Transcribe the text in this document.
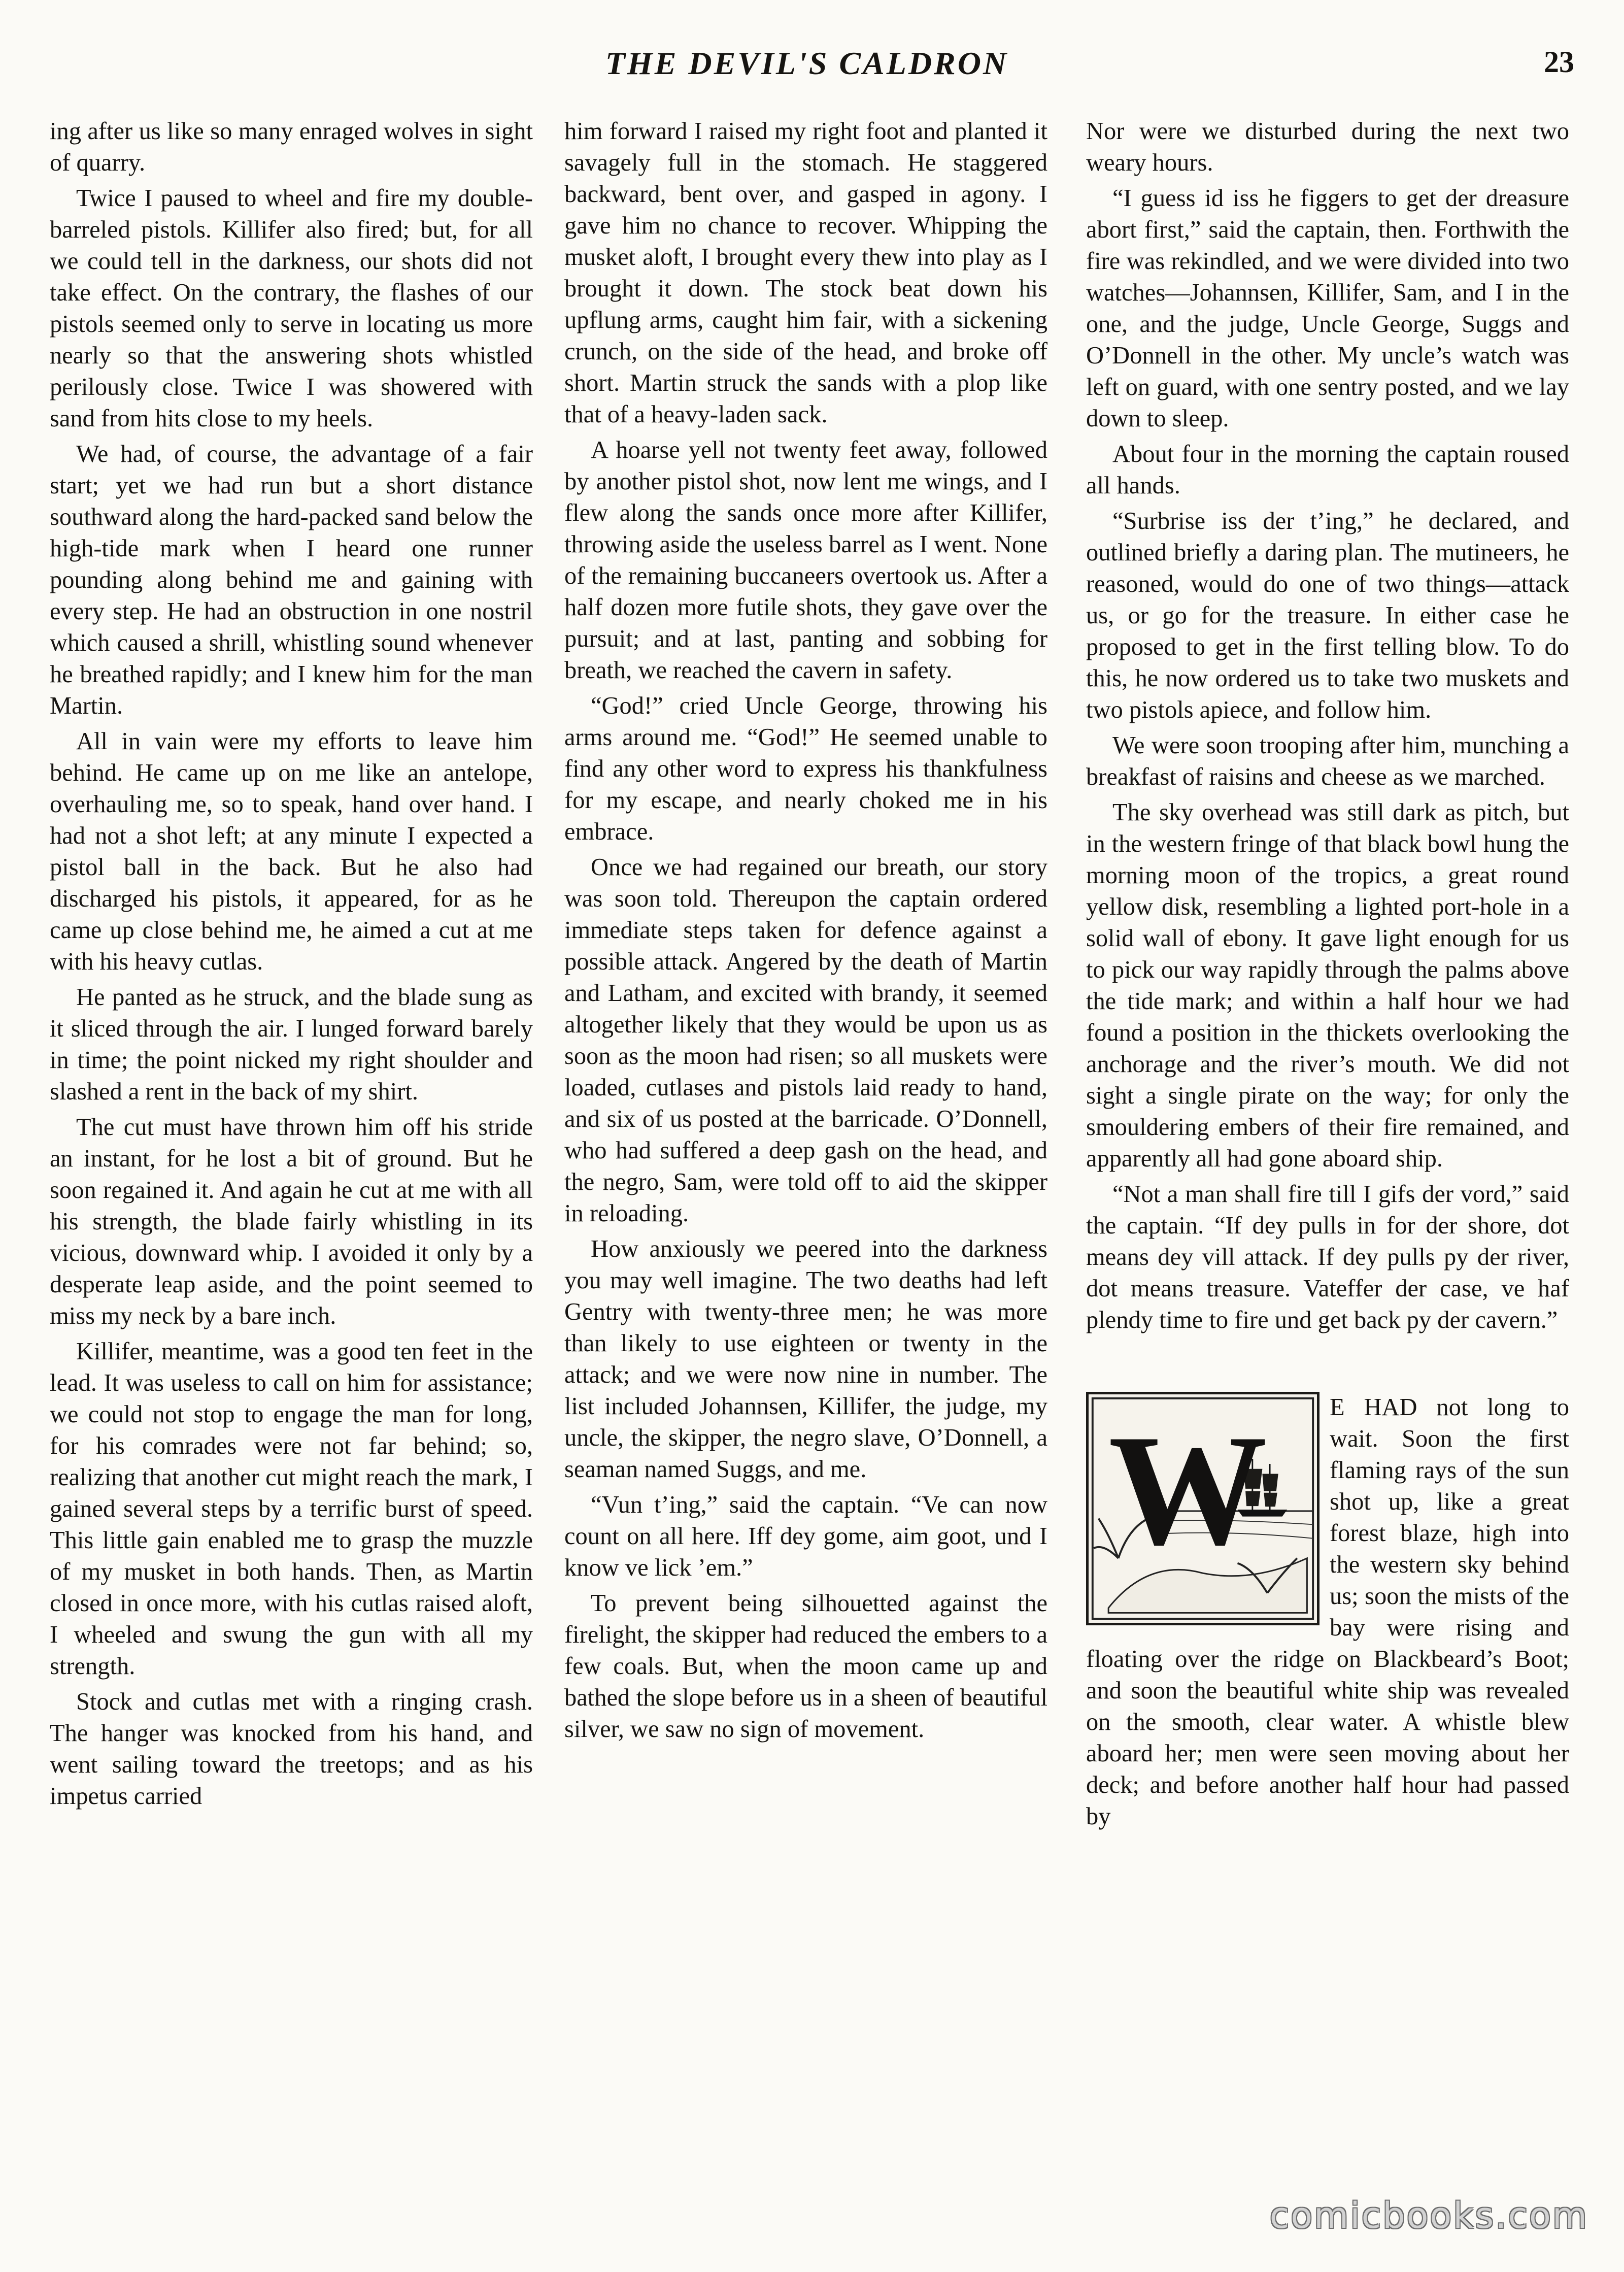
THE DEVIL'S CALDRON	23

ing after us like so many enraged wolves in sight of quarry.

Twice I paused to wheel and fire my double-barreled pistols. Killifer also fired; but, for all we could tell in the darkness, our shots did not take effect. On the contrary, the flashes of our pistols seemed only to serve in locating us more nearly so that the answering shots whistled perilously close. Twice I was showered with sand from hits close to my heels.

We had, of course, the advantage of a fair start; yet we had run but a short distance southward along the hard-packed sand below the high-tide mark when I heard one runner pounding along behind me and gaining with every step. He had an obstruction in one nostril which caused a shrill, whistling sound whenever he breathed rapidly; and I knew him for the man Martin.

All in vain were my efforts to leave him behind. He came up on me like an antelope, overhauling me, so to speak, hand over hand. I had not a shot left; at any minute I expected a pistol ball in the back. But he also had discharged his pistols, it appeared, for as he came up close behind me, he aimed a cut at me with his heavy cutlas.

He panted as he struck, and the blade sung as it sliced through the air. I lunged forward barely in time; the point nicked my right shoulder and slashed a rent in the back of my shirt.

The cut must have thrown him off his stride an instant, for he lost a bit of ground. But he soon regained it. And again he cut at me with all his strength, the blade fairly whistling in its vicious, downward whip. I avoided it only by a desperate leap aside, and the point seemed to miss my neck by a bare inch.

Killifer, meantime, was a good ten feet in the lead. It was useless to call on him for assistance; we could not stop to engage the man for long, for his comrades were not far behind; so, realizing that another cut might reach the mark, I gained several steps by a terrific burst of speed. This little gain enabled me to grasp the muzzle of my musket in both hands. Then, as Martin closed in once more, with his cutlas raised aloft, I wheeled and swung the gun with all my strength.

Stock and cutlas met with a ringing crash. The hanger was knocked from his hand, and went sailing toward the treetops; and as his impetus carried

him forward I raised my right foot and planted it savagely full in the stomach. He staggered backward, bent over, and gasped in agony. I gave him no chance to recover. Whipping the musket aloft, I brought every thew into play as I brought it down. The stock beat down his upflung arms, caught him fair, with a sickening crunch, on the side of the head, and broke off short. Martin struck the sands with a plop like that of a heavy-laden sack.

A hoarse yell not twenty feet away, followed by another pistol shot, now lent me wings, and I flew along the sands once more after Killifer, throwing aside the useless barrel as I went. None of the remaining buccaneers overtook us. After a half dozen more futile shots, they gave over the pursuit; and at last, panting and sobbing for breath, we reached the cavern in safety.

“God!” cried Uncle George, throwing his arms around me. “God!” He seemed unable to find any other word to express his thankfulness for my escape, and nearly choked me in his embrace.

Once we had regained our breath, our story was soon told. Thereupon the captain ordered immediate steps taken for defence against a possible attack. Angered by the death of Martin and Latham, and excited with brandy, it seemed altogether likely that they would be upon us as soon as the moon had risen; so all muskets were loaded, cutlases and pistols laid ready to hand, and six of us posted at the barricade. O’Donnell, who had suffered a deep gash on the head, and the negro, Sam, were told off to aid the skipper in reloading.

How anxiously we peered into the darkness you may well imagine. The two deaths had left Gentry with twenty-three men; he was more than likely to use eighteen or twenty in the attack; and we were now nine in number. The list included Johannsen, Killifer, the judge, my uncle, the skipper, the negro slave, O’Donnell, a seaman named Suggs, and me.

“Vun t’ing,” said the captain. “Ve can now count on all here. Iff dey gome, aim goot, und I know ve lick ’em.”

To prevent being silhouetted against the firelight, the skipper had reduced the embers to a few coals. But, when the moon came up and bathed the slope before us in a sheen of beautiful silver, we saw no sign of movement.

Nor were we disturbed during the next two weary hours.

“I guess id iss he figgers to get der dreasure abort first,” said the captain, then. Forthwith the fire was rekindled, and we were divided into two watches—Johannsen, Killifer, Sam, and I in the one, and the judge, Uncle George, Suggs and O’Donnell in the other. My uncle’s watch was left on guard, with one sentry posted, and we lay down to sleep.

About four in the morning the captain roused all hands.

“Surbrise iss der t’ing,” he declared, and outlined briefly a daring plan. The mutineers, he reasoned, would do one of two things—attack us, or go for the treasure. In either case he proposed to get in the first telling blow. To do this, he now ordered us to take two muskets and two pistols apiece, and follow him.

We were soon trooping after him, munching a breakfast of raisins and cheese as we marched.

The sky overhead was still dark as pitch, but in the western fringe of that black bowl hung the morning moon of the tropics, a great round yellow disk, resembling a lighted port-hole in a solid wall of ebony. It gave light enough for us to pick our way rapidly through the palms above the tide mark; and within a half hour we had found a position in the thickets overlooking the anchorage and the river’s mouth. We did not sight a single pirate on the way; for only the smouldering embers of their fire remained, and apparently all had gone aboard ship.

“Not a man shall fire till I gifs der vord,” said the captain. “If dey pulls in for der shore, dot means dey vill attack. If dey pulls py der river, dot means treasure. Vateffer der case, ve haf plendy time to fire und get back py der cavern.”

W	E HAD not long to wait. Soon the first flaming rays of the sun shot up, like a great forest blaze, high into the western sky behind us; soon the mists of the bay were rising and floating over the ridge on Blackbeard’s Boot; and soon the beautiful white ship was revealed on the smooth, clear water. A whistle blew aboard her; men were seen moving about her deck; and before another half hour had passed by

comicbooks.com
